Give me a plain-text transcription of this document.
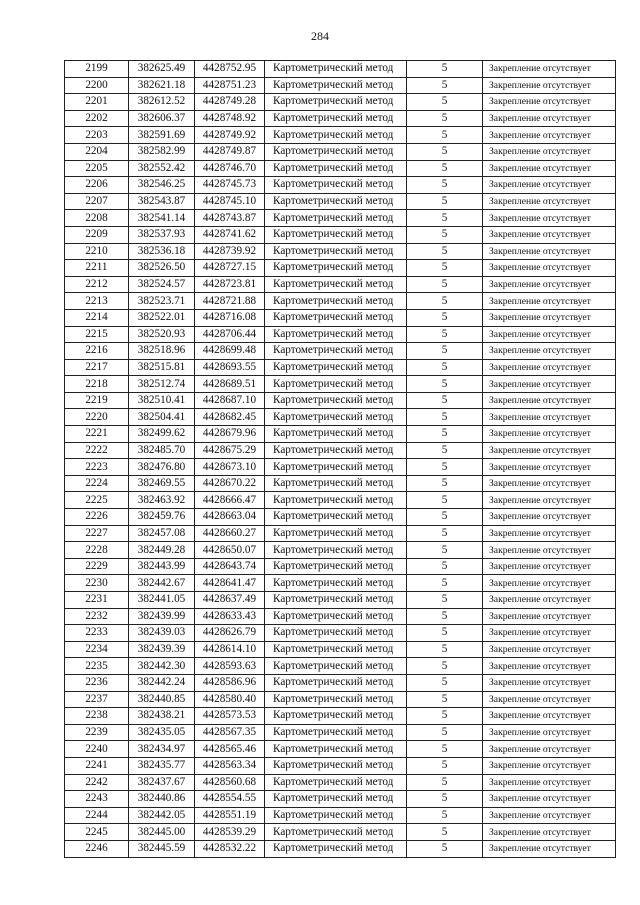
284
2199	382625.49	4428752.95	Картометрический метод	5	Закрепление отсутствует
2200	382621.18	4428751.23	Картометрический метод	5	Закрепление отсутствует
2201	382612.52	4428749.28	Картометрический метод	5	Закрепление отсутствует
2202	382606.37	4428748.92	Картометрический метод	5	Закрепление отсутствует
2203	382591.69	4428749.92	Картометрический метод	5	Закрепление отсутствует
2204	382582.99	4428749.87	Картометрический метод	5	Закрепление отсутствует
2205	382552.42	4428746.70	Картометрический метод	5	Закрепление отсутствует
2206	382546.25	4428745.73	Картометрический метод	5	Закрепление отсутствует
2207	382543.87	4428745.10	Картометрический метод	5	Закрепление отсутствует
2208	382541.14	4428743.87	Картометрический метод	5	Закрепление отсутствует
2209	382537.93	4428741.62	Картометрический метод	5	Закрепление отсутствует
2210	382536.18	4428739.92	Картометрический метод	5	Закрепление отсутствует
2211	382526.50	4428727.15	Картометрический метод	5	Закрепление отсутствует
2212	382524.57	4428723.81	Картометрический метод	5	Закрепление отсутствует
2213	382523.71	4428721.88	Картометрический метод	5	Закрепление отсутствует
2214	382522.01	4428716.08	Картометрический метод	5	Закрепление отсутствует
2215	382520.93	4428706.44	Картометрический метод	5	Закрепление отсутствует
2216	382518.96	4428699.48	Картометрический метод	5	Закрепление отсутствует
2217	382515.81	4428693.55	Картометрический метод	5	Закрепление отсутствует
2218	382512.74	4428689.51	Картометрический метод	5	Закрепление отсутствует
2219	382510.41	4428687.10	Картометрический метод	5	Закрепление отсутствует
2220	382504.41	4428682.45	Картометрический метод	5	Закрепление отсутствует
2221	382499.62	4428679.96	Картометрический метод	5	Закрепление отсутствует
2222	382485.70	4428675.29	Картометрический метод	5	Закрепление отсутствует
2223	382476.80	4428673.10	Картометрический метод	5	Закрепление отсутствует
2224	382469.55	4428670.22	Картометрический метод	5	Закрепление отсутствует
2225	382463.92	4428666.47	Картометрический метод	5	Закрепление отсутствует
2226	382459.76	4428663.04	Картометрический метод	5	Закрепление отсутствует
2227	382457.08	4428660.27	Картометрический метод	5	Закрепление отсутствует
2228	382449.28	4428650.07	Картометрический метод	5	Закрепление отсутствует
2229	382443.99	4428643.74	Картометрический метод	5	Закрепление отсутствует
2230	382442.67	4428641.47	Картометрический метод	5	Закрепление отсутствует
2231	382441.05	4428637.49	Картометрический метод	5	Закрепление отсутствует
2232	382439.99	4428633.43	Картометрический метод	5	Закрепление отсутствует
2233	382439.03	4428626.79	Картометрический метод	5	Закрепление отсутствует
2234	382439.39	4428614.10	Картометрический метод	5	Закрепление отсутствует
2235	382442.30	4428593.63	Картометрический метод	5	Закрепление отсутствует
2236	382442.24	4428586.96	Картометрический метод	5	Закрепление отсутствует
2237	382440.85	4428580.40	Картометрический метод	5	Закрепление отсутствует
2238	382438.21	4428573.53	Картометрический метод	5	Закрепление отсутствует
2239	382435.05	4428567.35	Картометрический метод	5	Закрепление отсутствует
2240	382434.97	4428565.46	Картометрический метод	5	Закрепление отсутствует
2241	382435.77	4428563.34	Картометрический метод	5	Закрепление отсутствует
2242	382437.67	4428560.68	Картометрический метод	5	Закрепление отсутствует
2243	382440.86	4428554.55	Картометрический метод	5	Закрепление отсутствует
2244	382442.05	4428551.19	Картометрический метод	5	Закрепление отсутствует
2245	382445.00	4428539.29	Картометрический метод	5	Закрепление отсутствует
2246	382445.59	4428532.22	Картометрический метод	5	Закрепление отсутствует
